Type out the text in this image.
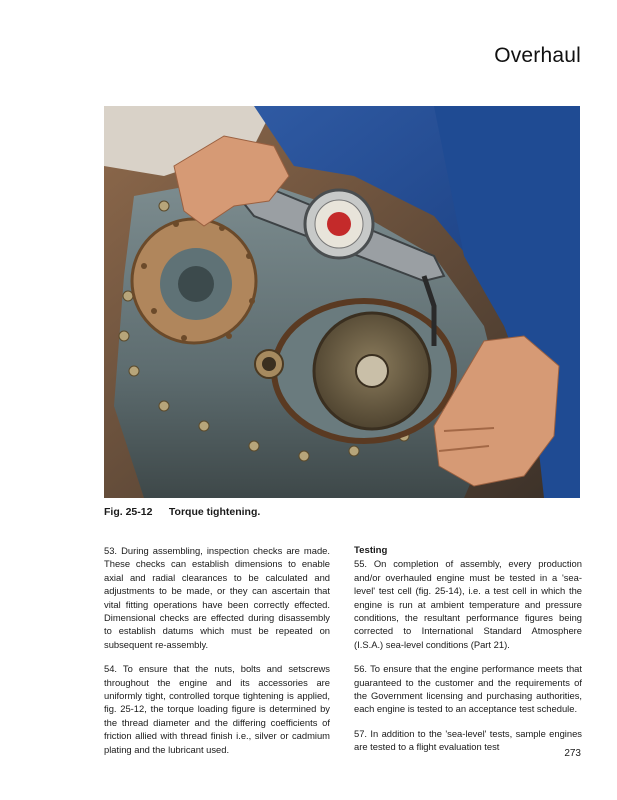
Overhaul
Fig. 25-12 Torque tightening.

53. During assembling, inspection checks are made. These checks can establish dimensions to enable axial and radial clearances to be calculated and adjustments to be made, or they can ascertain that vital fitting operations have been correctly effected. Dimensional checks are effected during disassembly to establish datums which must be repeated on subsequent re-assembly.

54. To ensure that the nuts, bolts and setscrews throughout the engine and its accessories are uniformly tight, controlled torque tightening is applied, fig. 25-12, the torque loading figure is determined by the thread diameter and the differing coefficients of friction allied with thread finish i.e., silver or cadmium plating and the lubricant used.

Testing

55. On completion of assembly, every production and/or overhauled engine must be tested in a 'sea-level' test cell (fig. 25-14), i.e. a test cell in which the engine is run at ambient temperature and pressure conditions, the resultant performance figures being corrected to International Standard Atmosphere (I.S.A.) sea-level conditions (Part 21).

56. To ensure that the engine performance meets that guaranteed to the customer and the requirements of the Government licensing and purchasing authorities, each engine is tested to an acceptance test schedule.

57. In addition to the 'sea-level' tests, sample engines are tested to a flight evaluation test

273
